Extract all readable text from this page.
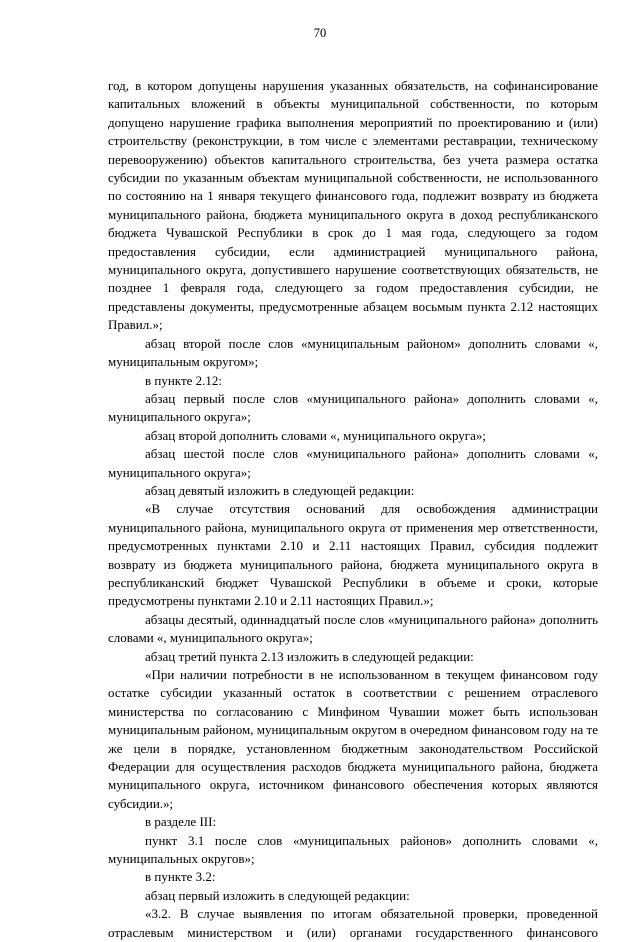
70

год, в котором допущены нарушения указанных обязательств, на софинансирование капитальных вложений в объекты муниципальной собственности, по которым допущено нарушение графика выполнения мероприятий по проектированию и (или) строительству (реконструкции, в том числе с элементами реставрации, техническому перевооружению) объектов капитального строительства, без учета размера остатка субсидии по указанным объектам муниципальной собственности, не использованного по состоянию на 1 января текущего финансового года, подлежит возврату из бюджета муниципального района, бюджета муниципального округа в доход республиканского бюджета Чувашской Республики в срок до 1 мая года, следующего за годом предоставления субсидии, если администрацией муниципального района, муниципального округа, допустившего нарушение соответствующих обязательств, не позднее 1 февраля года, следующего за годом предоставления субсидии, не представлены документы, предусмотренные абзацем восьмым пункта 2.12 настоящих Правил.»;

абзац второй после слов «муниципальным районом» дополнить словами «, муниципальным округом»;

в пункте 2.12:

абзац первый после слов «муниципального района» дополнить словами «, муниципального округа»;

абзац второй дополнить словами «, муниципального округа»;

абзац шестой после слов «муниципального района» дополнить словами «, муниципального округа»;

абзац девятый изложить в следующей редакции:

«В случае отсутствия оснований для освобождения администрации муниципального района, муниципального округа от применения мер ответственности, предусмотренных пунктами 2.10 и 2.11 настоящих Правил, субсидия подлежит возврату из бюджета муниципального района, бюджета муниципального округа в республиканский бюджет Чувашской Республики в объеме и сроки, которые предусмотрены пунктами 2.10 и 2.11 настоящих Правил.»;

абзацы десятый, одиннадцатый после слов «муниципального района» дополнить словами «, муниципального округа»;

абзац третий пункта 2.13 изложить в следующей редакции:

«При наличии потребности в не использованном в текущем финансовом году остатке субсидии указанный остаток в соответствии с решением отраслевого министерства по согласованию с Минфином Чувашии может быть использован муниципальным районом, муниципальным округом в очередном финансовом году на те же цели в порядке, установленном бюджетным законодательством Российской Федерации для осуществления расходов бюджета муниципального района, бюджета муниципального округа, источником финансового обеспечения которых являются субсидии.»;

в разделе III:

пункт 3.1 после слов «муниципальных районов» дополнить словами «, муниципальных округов»;

в пункте 3.2:

абзац первый изложить в следующей редакции:

«3.2. В случае выявления по итогам обязательной проверки, проведенной отраслевым министерством и (или) органами государственного финансового
